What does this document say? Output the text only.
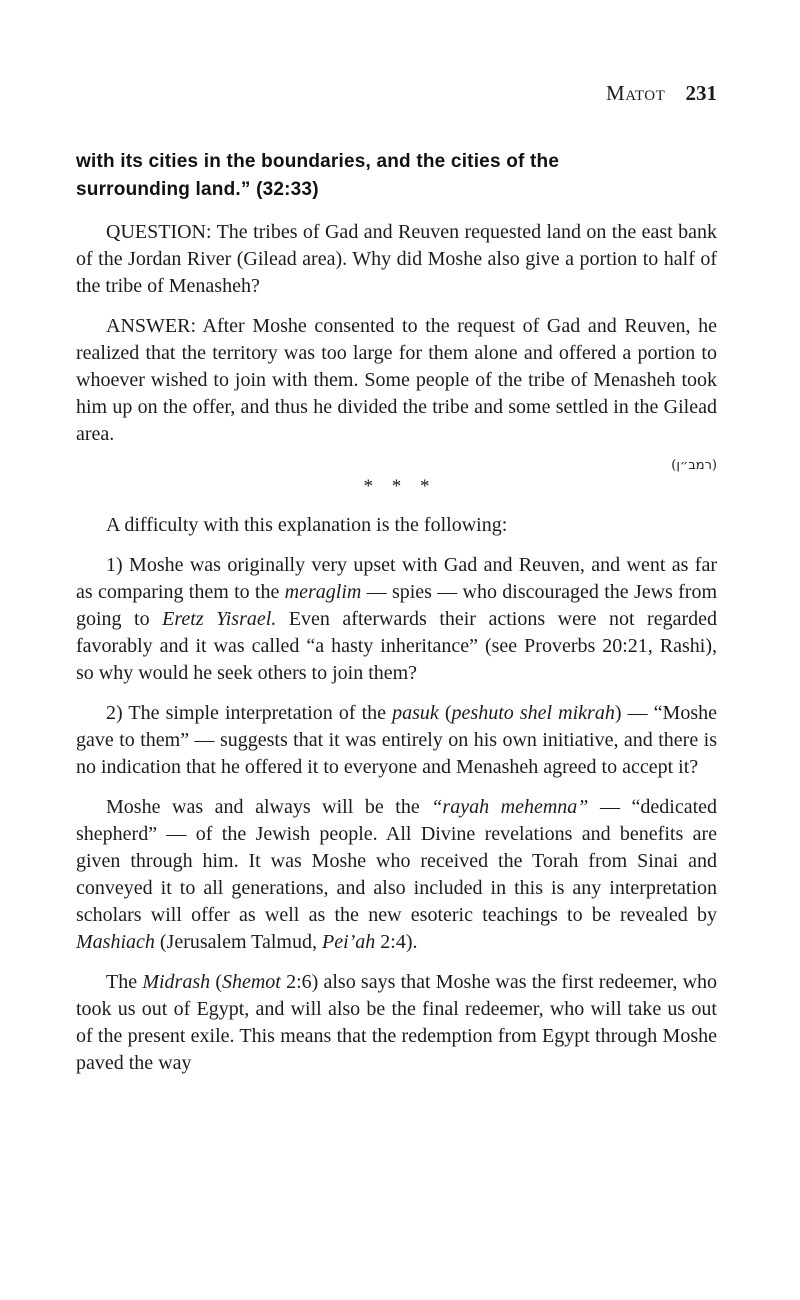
Matot 231
with its cities in the boundaries, and the cities of the
surrounding land.” (32:33)

QUESTION: The tribes of Gad and Reuven requested land on the east bank of the Jordan River (Gilead area). Why did Moshe also give a portion to half of the tribe of Menasheh?

ANSWER: After Moshe consented to the request of Gad and Reuven, he realized that the territory was too large for them alone and offered a portion to whoever wished to join with them. Some people of the tribe of Menasheh took him up on the offer, and thus he divided the tribe and some settled in the Gilead area.

(רמב״ן)
* * *

A difficulty with this explanation is the following:

1) Moshe was originally very upset with Gad and Reuven, and went as far as comparing them to the meraglim — spies — who discouraged the Jews from going to Eretz Yisrael. Even afterwards their actions were not regarded favorably and it was called “a hasty inheritance” (see Proverbs 20:21, Rashi), so why would he seek others to join them?

2) The simple interpretation of the pasuk (peshuto shel mikrah) — “Moshe gave to them” — suggests that it was entirely on his own initiative, and there is no indication that he offered it to everyone and Menasheh agreed to accept it?

Moshe was and always will be the “rayah mehemna” — “dedicated shepherd” — of the Jewish people. All Divine revelations and benefits are given through him. It was Moshe who received the Torah from Sinai and conveyed it to all generations, and also included in this is any interpretation scholars will offer as well as the new esoteric teachings to be revealed by Mashiach (Jerusalem Talmud, Pei’ah 2:4).

The Midrash (Shemot 2:6) also says that Moshe was the first redeemer, who took us out of Egypt, and will also be the final redeemer, who will take us out of the present exile. This means that the redemption from Egypt through Moshe paved the way
